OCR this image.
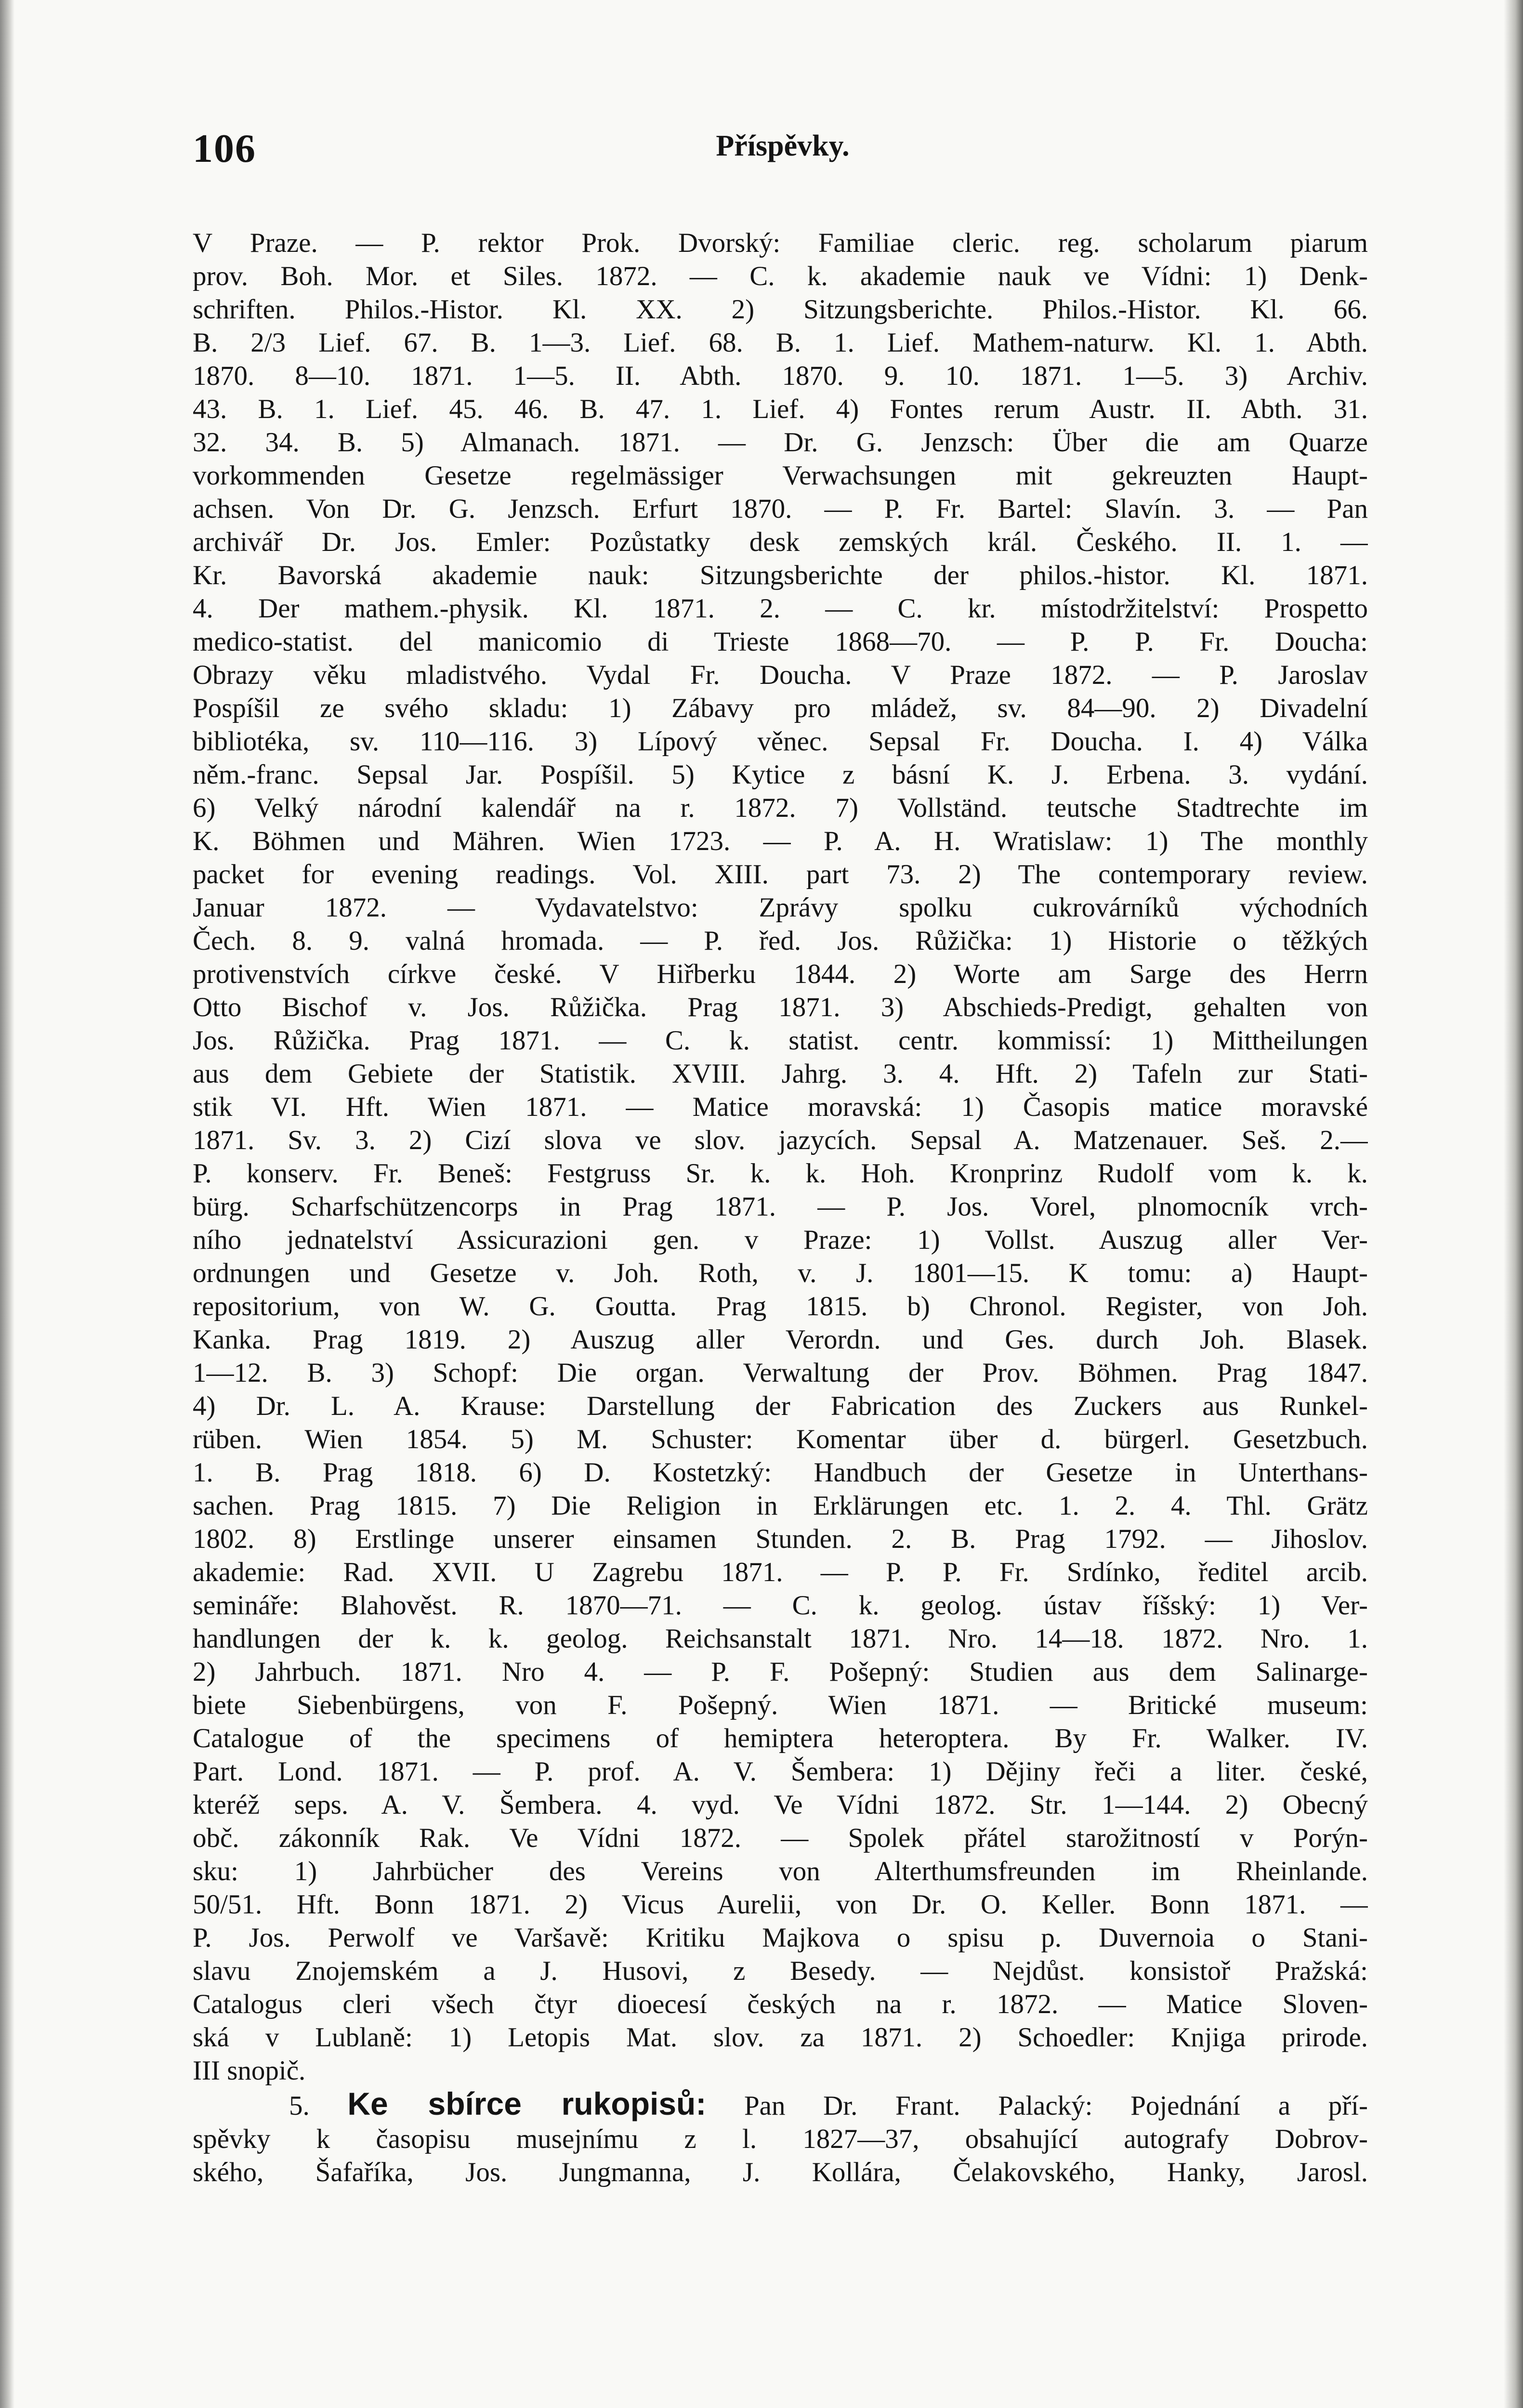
106	Příspěvky.
V Praze. — P. rektor Prok. Dvorský: Familiae cleric. reg. scholarum piarum
prov. Boh. Mor. et Siles. 1872. — C. k. akademie nauk ve Vídni: 1) Denk-
schriften. Philos.-Histor. Kl. XX. 2) Sitzungsberichte. Philos.-Histor. Kl. 66.
B. 2/3 Lief. 67. B. 1—3. Lief. 68. B. 1. Lief. Mathem-naturw. Kl. 1. Abth.
1870. 8—10. 1871. 1—5. II. Abth. 1870. 9. 10. 1871. 1—5. 3) Archiv.
43. B. 1. Lief. 45. 46. B. 47. 1. Lief. 4) Fontes rerum Austr. II. Abth. 31.
32. 34. B. 5) Almanach. 1871. — Dr. G. Jenzsch: Über die am Quarze
vorkommenden Gesetze regelmässiger Verwachsungen mit gekreuzten Haupt-
achsen. Von Dr. G. Jenzsch. Erfurt 1870. — P. Fr. Bartel: Slavín. 3. — Pan
archivář Dr. Jos. Emler: Pozůstatky desk zemských král. Českého. II. 1. —
Kr. Bavorská akademie nauk: Sitzungsberichte der philos.-histor. Kl. 1871.
4. Der mathem.-physik. Kl. 1871. 2. — C. kr. místodržitelství: Prospetto
medico-statist. del manicomio di Trieste 1868—70. — P. P. Fr. Doucha:
Obrazy věku mladistvého. Vydal Fr. Doucha. V Praze 1872. — P. Jaroslav
Pospíšil ze svého skladu: 1) Zábavy pro mládež, sv. 84—90. 2) Divadelní
bibliotéka, sv. 110—116. 3) Lípový věnec. Sepsal Fr. Doucha. I. 4) Válka
něm.-franc. Sepsal Jar. Pospíšil. 5) Kytice z básní K. J. Erbena. 3. vydání.
6) Velký národní kalendář na r. 1872. 7) Vollständ. teutsche Stadtrechte im
K. Böhmen und Mähren. Wien 1723. — P. A. H. Wratislaw: 1) The monthly
packet for evening readings. Vol. XIII. part 73. 2) The contemporary review.
Januar 1872. — Vydavatelstvo: Zprávy spolku cukrovárníků východních
Čech. 8. 9. valná hromada. — P. řed. Jos. Růžička: 1) Historie o těžkých
protivenstvích církve české. V Hiřberku 1844. 2) Worte am Sarge des Herrn
Otto Bischof v. Jos. Růžička. Prag 1871. 3) Abschieds-Predigt, gehalten von
Jos. Růžička. Prag 1871. — C. k. statist. centr. kommissí: 1) Mittheilungen
aus dem Gebiete der Statistik. XVIII. Jahrg. 3. 4. Hft. 2) Tafeln zur Stati-
stik VI. Hft. Wien 1871. — Matice moravská: 1) Časopis matice moravské
1871. Sv. 3. 2) Cizí slova ve slov. jazycích. Sepsal A. Matzenauer. Seš. 2.—
P. konserv. Fr. Beneš: Festgruss Sr. k. k. Hoh. Kronprinz Rudolf vom k. k.
bürg. Scharfschützencorps in Prag 1871. — P. Jos. Vorel, plnomocník vrch-
ního jednatelství Assicurazioni gen. v Praze: 1) Vollst. Auszug aller Ver-
ordnungen und Gesetze v. Joh. Roth, v. J. 1801—15. K tomu: a) Haupt-
repositorium, von W. G. Goutta. Prag 1815. b) Chronol. Register, von Joh.
Kanka. Prag 1819. 2) Auszug aller Verordn. und Ges. durch Joh. Blasek.
1—12. B. 3) Schopf: Die organ. Verwaltung der Prov. Böhmen. Prag 1847.
4) Dr. L. A. Krause: Darstellung der Fabrication des Zuckers aus Runkel-
rüben. Wien 1854. 5) M. Schuster: Komentar über d. bürgerl. Gesetzbuch.
1. B. Prag 1818. 6) D. Kostetzký: Handbuch der Gesetze in Unterthans-
sachen. Prag 1815. 7) Die Religion in Erklärungen etc. 1. 2. 4. Thl. Grätz
1802. 8) Erstlinge unserer einsamen Stunden. 2. B. Prag 1792. — Jihoslov.
akademie: Rad. XVII. U Zagrebu 1871. — P. P. Fr. Srdínko, ředitel arcib.
semináře: Blahověst. R. 1870—71. — C. k. geolog. ústav říšský: 1) Ver-
handlungen der k. k. geolog. Reichsanstalt 1871. Nro. 14—18. 1872. Nro. 1.
2) Jahrbuch. 1871. Nro 4. — P. F. Pošepný: Studien aus dem Salinarge-
biete Siebenbürgens, von F. Pošepný. Wien 1871. — Britické museum:
Catalogue of the specimens of hemiptera heteroptera. By Fr. Walker. IV.
Part. Lond. 1871. — P. prof. A. V. Šembera: 1) Dějiny řeči a liter. české,
kteréž seps. A. V. Šembera. 4. vyd. Ve Vídni 1872. Str. 1—144. 2) Obecný
obč. zákonník Rak. Ve Vídni 1872. — Spolek přátel starožitností v Porýn-
sku: 1) Jahrbücher des Vereins von Alterthumsfreunden im Rheinlande.
50/51. Hft. Bonn 1871. 2) Vicus Aurelii, von Dr. O. Keller. Bonn 1871. —
P. Jos. Perwolf ve Varšavě: Kritiku Majkova o spisu p. Duvernoia o Stani-
slavu Znojemském a J. Husovi, z Besedy. — Nejdůst. konsistoř Pražská:
Catalogus cleri všech čtyr dioecesí českých na r. 1872. — Matice Sloven-
ská v Lublaně: 1) Letopis Mat. slov. za 1871. 2) Schoedler: Knjiga prirode.
III snopič.
5. Ke sbírce rukopisů: Pan Dr. Frant. Palacký: Pojednání a pří-
spěvky k časopisu musejnímu z l. 1827—37, obsahující autografy Dobrov-
ského, Šafaříka, Jos. Jungmanna, J. Kollára, Čelakovského, Hanky, Jarosl.
